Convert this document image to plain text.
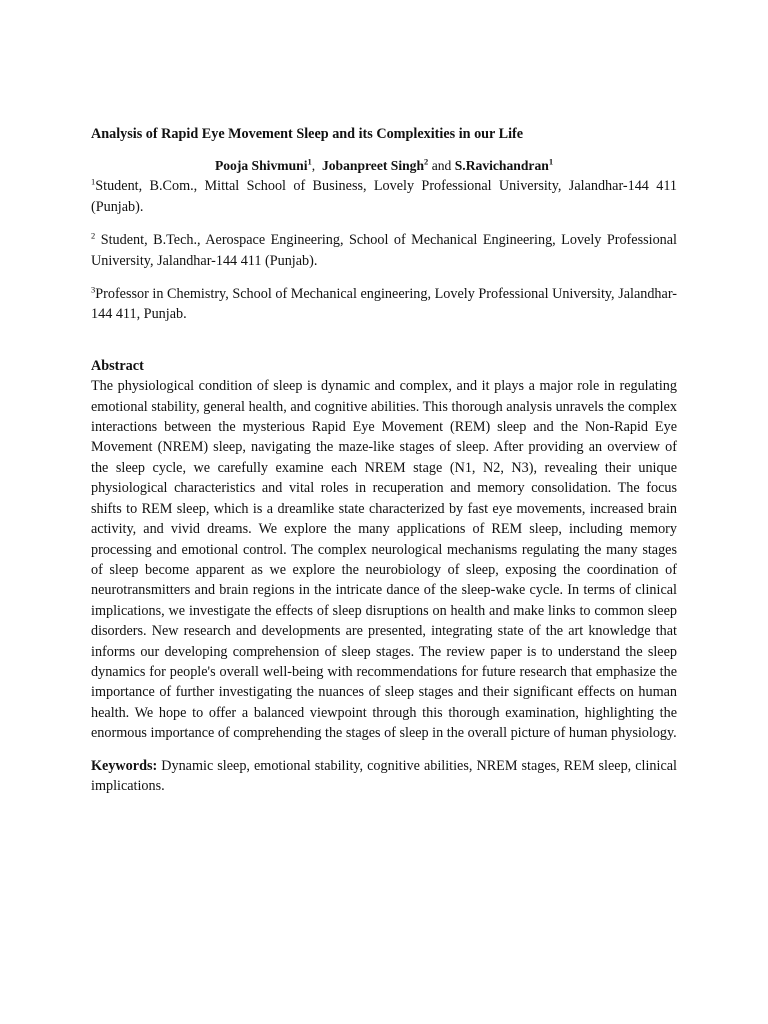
Analysis of Rapid Eye Movement Sleep and its Complexities in our Life

Pooja Shivmuni$^1$, Jobanpreet Singh$^2$ and S.Ravichandran$^1$

$^1$Student, B.Com., Mittal School of Business, Lovely Professional University, Jalandhar-144 411 (Punjab).

$^2$ Student, B.Tech., Aerospace Engineering, School of Mechanical Engineering, Lovely Professional University, Jalandhar-144 411 (Punjab).

$^3$Professor in Chemistry, School of Mechanical engineering, Lovely Professional University, Jalandhar-144 411, Punjab.

Abstract

The physiological condition of sleep is dynamic and complex, and it plays a major role in regulating emotional stability, general health, and cognitive abilities. This thorough analysis unravels the complex interactions between the mysterious Rapid Eye Movement (REM) sleep and the Non-Rapid Eye Movement (NREM) sleep, navigating the maze-like stages of sleep. After providing an overview of the sleep cycle, we carefully examine each NREM stage (N1, N2, N3), revealing their unique physiological characteristics and vital roles in recuperation and memory consolidation. The focus shifts to REM sleep, which is a dreamlike state characterized by fast eye movements, increased brain activity, and vivid dreams. We explore the many applications of REM sleep, including memory processing and emotional control. The complex neurological mechanisms regulating the many stages of sleep become apparent as we explore the neurobiology of sleep, exposing the coordination of neurotransmitters and brain regions in the intricate dance of the sleep-wake cycle. In terms of clinical implications, we investigate the effects of sleep disruptions on health and make links to common sleep disorders. New research and developments are presented, integrating state of the art knowledge that informs our developing comprehension of sleep stages. The review paper is to understand the sleep dynamics for people's overall well-being with recommendations for future research that emphasize the importance of further investigating the nuances of sleep stages and their significant effects on human health. We hope to offer a balanced viewpoint through this thorough examination, highlighting the enormous importance of comprehending the stages of sleep in the overall picture of human physiology.

Keywords: Dynamic sleep, emotional stability, cognitive abilities, NREM stages, REM sleep, clinical implications.
